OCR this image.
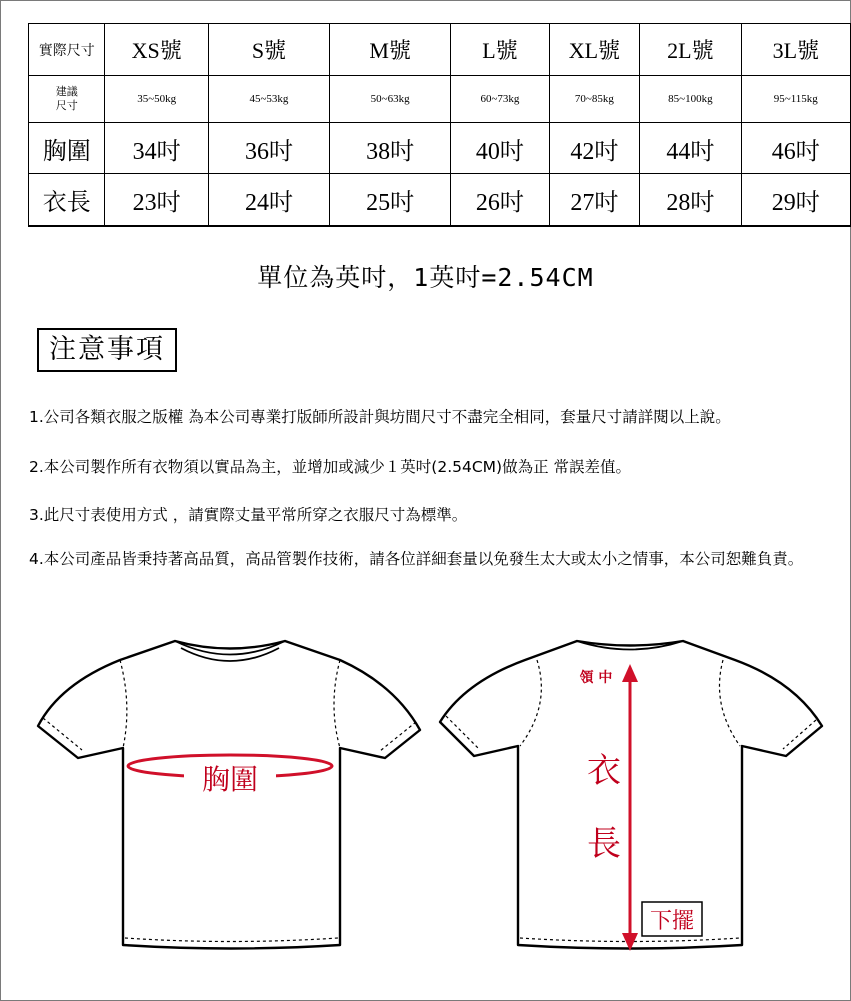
實際尺寸	XS號	S號	M號	L號	XL號	2L號	3L號
建議
尺寸	35~50kg	45~53kg	50~63kg	60~73kg	70~85kg	85~100kg	95~115kg
胸圍	34吋	36吋	38吋	40吋	42吋	44吋	46吋
衣長	23吋	24吋	25吋	26吋	27吋	28吋	29吋
單位為英吋，1英吋=2.54CM
注意事項
1.公司各類衣服之版權 為本公司專業打版師所設計與坊間尺寸不盡完全相同，套量尺寸請詳閱以上說。
2.本公司製作所有衣物須以實品為主，並增加或減少１英吋(2.54CM)做為正 常誤差值。
3.此尺寸表使用方式 ，請實際丈量平常所穿之衣服尺寸為標準。
4.本公司產品皆秉持著高品質，高品管製作技術，請各位詳細套量以免發生太大或太小之情事，本公司恕難負責。
胸圍
領 中
衣
長
下擺
